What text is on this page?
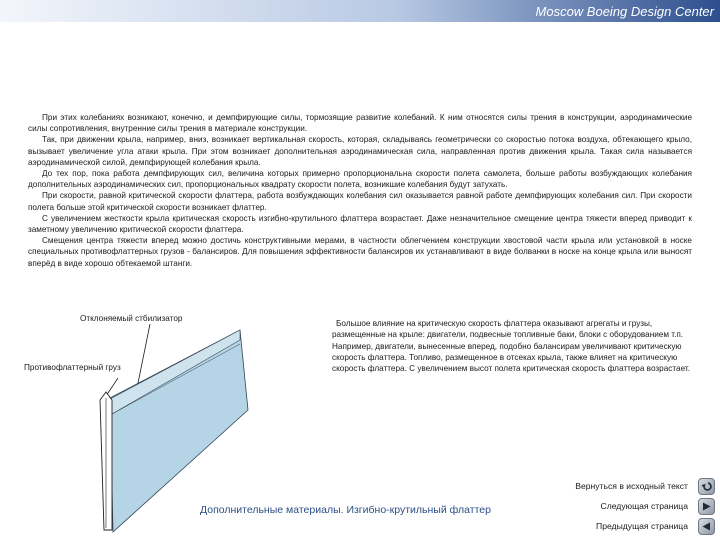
Moscow Boeing Design Center

При этих колебаниях возникают, конечно, и демпфирующие силы, тормозящие развитие колебаний. К ним относятся силы трения в конструкции, аэродинамические силы сопротивления, внутренние силы трения в материале конструкции.

Так, при движении крыла, например, вниз, возникает вертикальная скорость, которая, складываясь геометрически со скоростью потока воздуха, обтекающего крыло, вызывает увеличение угла атаки крыла. При этом возникает дополнительная аэродинамическая сила, направленная против движения крыла. Такая сила называется аэродинамической силой, демпфирующей колебания крыла.

До тех пор, пока работа демпфирующих сил, величина которых примерно пропорциональна скорости полета самолета, больше работы возбуждающих колебания дополнительных аэродинамических сил, пропорциональных квадрату скорости полета, возникшие колебания будут затухать.

При скорости, равной критической скорости флаттера, работа возбуждающих колебания сил оказывается равной работе демпфирующих колебания сил. При скорости полета больше этой критической скорости возникает флаттер.

С увеличением жесткости крыла критическая скорость изгибно-крутильного флаттера возрастает. Даже незначительное смещение центра тяжести вперед приводит к заметному увеличению критической скорости флаттера.

Смещения центра тяжести вперед можно достичь конструктивными мерами, в частности облегчением конструкции хвостовой части крыла или установкой в носке специальных противофлаттерных грузов - балансиров. Для повышения эффективности балансиров их устанавливают в виде болванки в носке на конце крыла или выносят вперёд в виде хорошо обтекаемой штанги.

Отклоняемый стбилизатор
Противофлаттерный груз

Большое влияние на критическую скорость флаттера оказывают агрегаты и грузы, размещенные на крыле: двигатели, подвесные топливные баки, блоки с оборудованием т.п. Например, двигатели, вынесенные вперед, подобно балансирам увеличивают критическую скорость флаттера. Топливо, размещенное в отсеках крыла, также влияет на критическую скорость флаттера. С увеличением высот полета критическая скорость флаттера возрастает.

Вернуться в исходный текст
Следующая страница
Предыдущая страница
Дополнительные материалы. Изгибно-крутильный флаттер
